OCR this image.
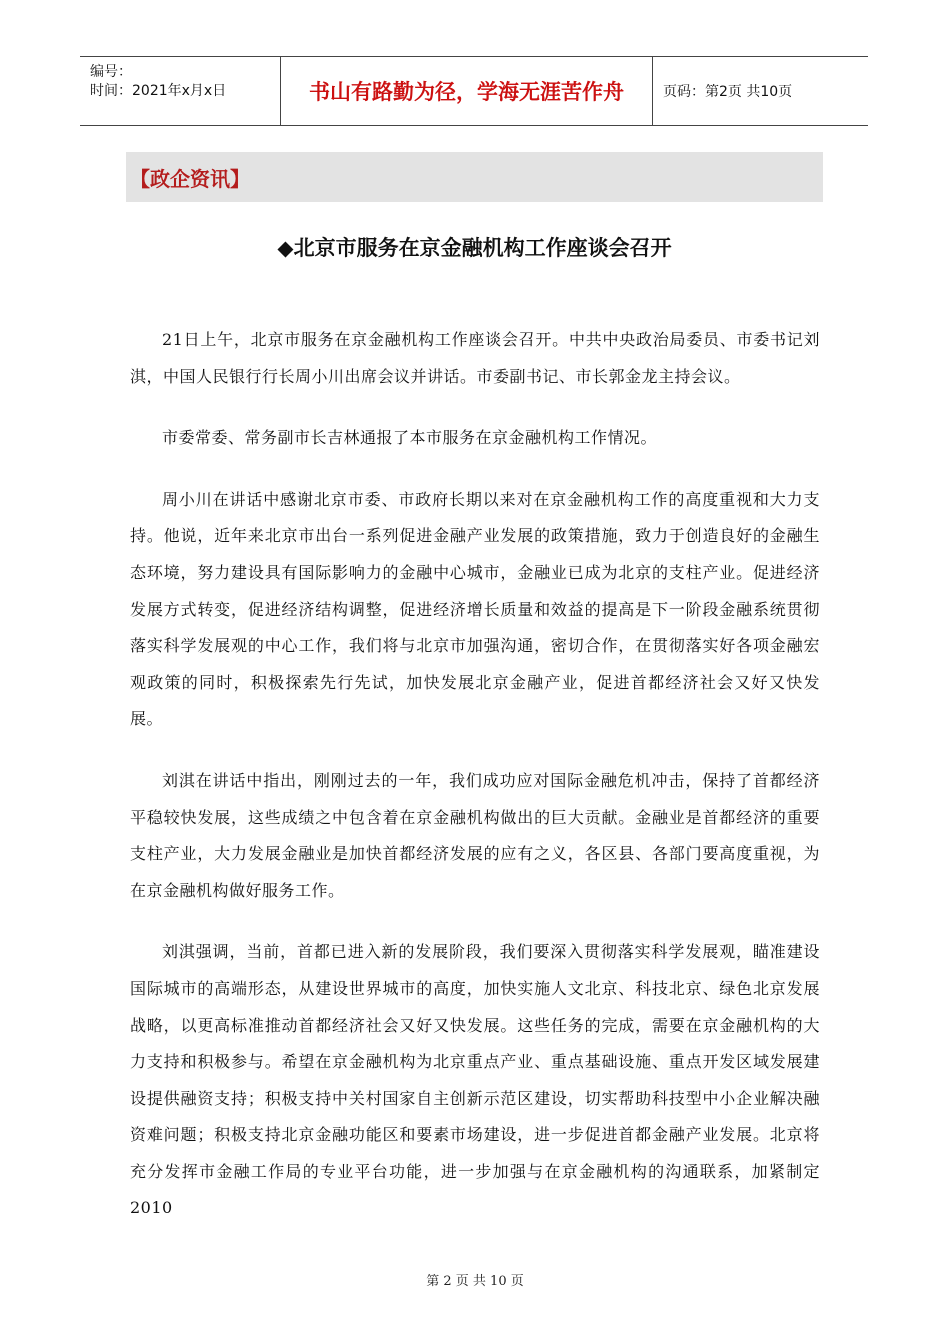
编号：
时间：2021年x月x日	书山有路勤为径，学海无涯苦作舟	页码：第2页 共10页
【政企资讯】
◆北京市服务在京金融机构工作座谈会召开

21日上午，北京市服务在京金融机构工作座谈会召开。中共中央政治局委员、市委书记刘淇，中国人民银行行长周小川出席会议并讲话。市委副书记、市长郭金龙主持会议。

市委常委、常务副市长吉林通报了本市服务在京金融机构工作情况。

周小川在讲话中感谢北京市委、市政府长期以来对在京金融机构工作的高度重视和大力支持。他说，近年来北京市出台一系列促进金融产业发展的政策措施，致力于创造良好的金融生态环境，努力建设具有国际影响力的金融中心城市，金融业已成为北京的支柱产业。促进经济发展方式转变，促进经济结构调整，促进经济增长质量和效益的提高是下一阶段金融系统贯彻落实科学发展观的中心工作，我们将与北京市加强沟通，密切合作，在贯彻落实好各项金融宏观政策的同时，积极探索先行先试，加快发展北京金融产业，促进首都经济社会又好又快发展。

刘淇在讲话中指出，刚刚过去的一年，我们成功应对国际金融危机冲击，保持了首都经济平稳较快发展，这些成绩之中包含着在京金融机构做出的巨大贡献。金融业是首都经济的重要支柱产业，大力发展金融业是加快首都经济发展的应有之义，各区县、各部门要高度重视，为在京金融机构做好服务工作。

刘淇强调，当前，首都已进入新的发展阶段，我们要深入贯彻落实科学发展观，瞄准建设国际城市的高端形态，从建设世界城市的高度，加快实施人文北京、科技北京、绿色北京发展战略，以更高标准推动首都经济社会又好又快发展。这些任务的完成，需要在京金融机构的大力支持和积极参与。希望在京金融机构为北京重点产业、重点基础设施、重点开发区域发展建设提供融资支持；积极支持中关村国家自主创新示范区建设，切实帮助科技型中小企业解决融资难问题；积极支持北京金融功能区和要素市场建设，进一步促进首都金融产业发展。北京将充分发挥市金融工作局的专业平台功能，进一步加强与在京金融机构的沟通联系，加紧制定2010

第 2 页 共 10 页
